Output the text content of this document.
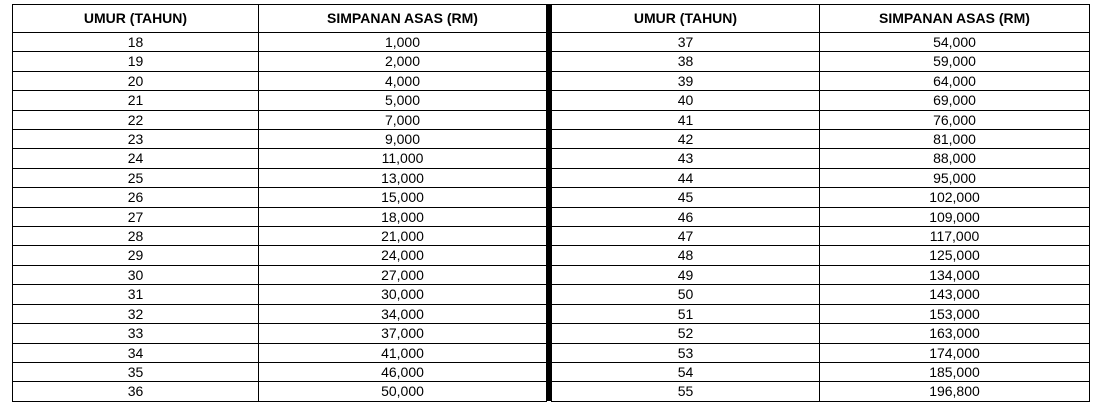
UMUR (TAHUN)	SIMPANAN ASAS (RM)
18	1,000
19	2,000
20	4,000
21	5,000
22	7,000
23	9,000
24	11,000
25	13,000
26	15,000
27	18,000
28	21,000
29	24,000
30	27,000
31	30,000
32	34,000
33	37,000
34	41,000
35	46,000
36	50,000
UMUR (TAHUN)	SIMPANAN ASAS (RM)
37	54,000
38	59,000
39	64,000
40	69,000
41	76,000
42	81,000
43	88,000
44	95,000
45	102,000
46	109,000
47	117,000
48	125,000
49	134,000
50	143,000
51	153,000
52	163,000
53	174,000
54	185,000
55	196,800
